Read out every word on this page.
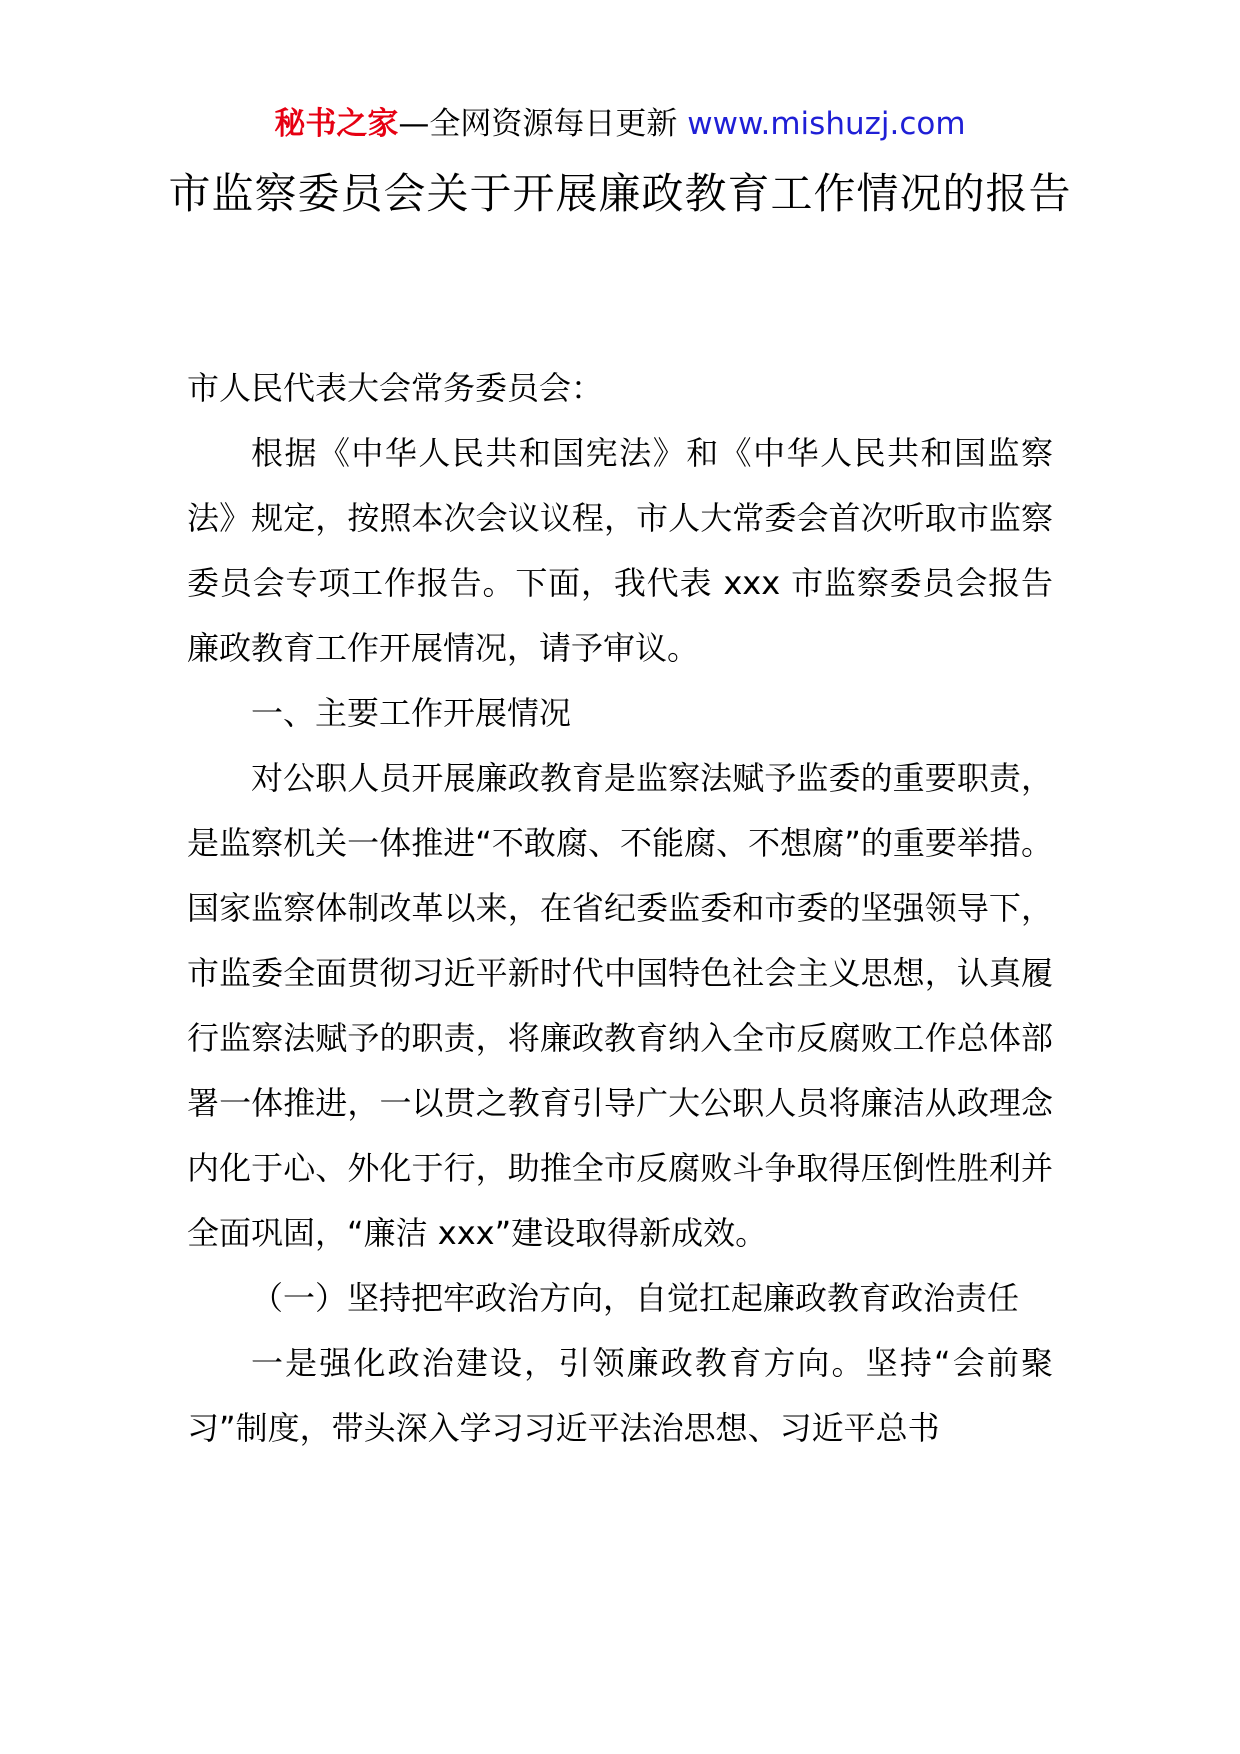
秘书之家—全网资源每日更新 www.mishuzj.com
市监察委员会关于开展廉政教育工作情况的报告

市人民代表大会常务委员会：

根据《中华人民共和国宪法》和《中华人民共和国监察法》规定，按照本次会议议程，市人大常委会首次听取市监察委员会专项工作报告。下面，我代表 xxx 市监察委员会报告廉政教育工作开展情况，请予审议。

一、主要工作开展情况

对公职人员开展廉政教育是监察法赋予监委的重要职责，是监察机关一体推进“不敢腐、不能腐、不想腐”的重要举措。国家监察体制改革以来，在省纪委监委和市委的坚强领导下，市监委全面贯彻习近平新时代中国特色社会主义思想，认真履行监察法赋予的职责，将廉政教育纳入全市反腐败工作总体部署一体推进，一以贯之教育引导广大公职人员将廉洁从政理念内化于心、外化于行，助推全市反腐败斗争取得压倒性胜利并全面巩固，“廉洁 xxx”建设取得新成效。

（一）坚持把牢政治方向，自觉扛起廉政教育政治责任

一是强化政治建设，引领廉政教育方向。坚持“会前聚习”制度，带头深入学习习近平法治思想、习近平总书
